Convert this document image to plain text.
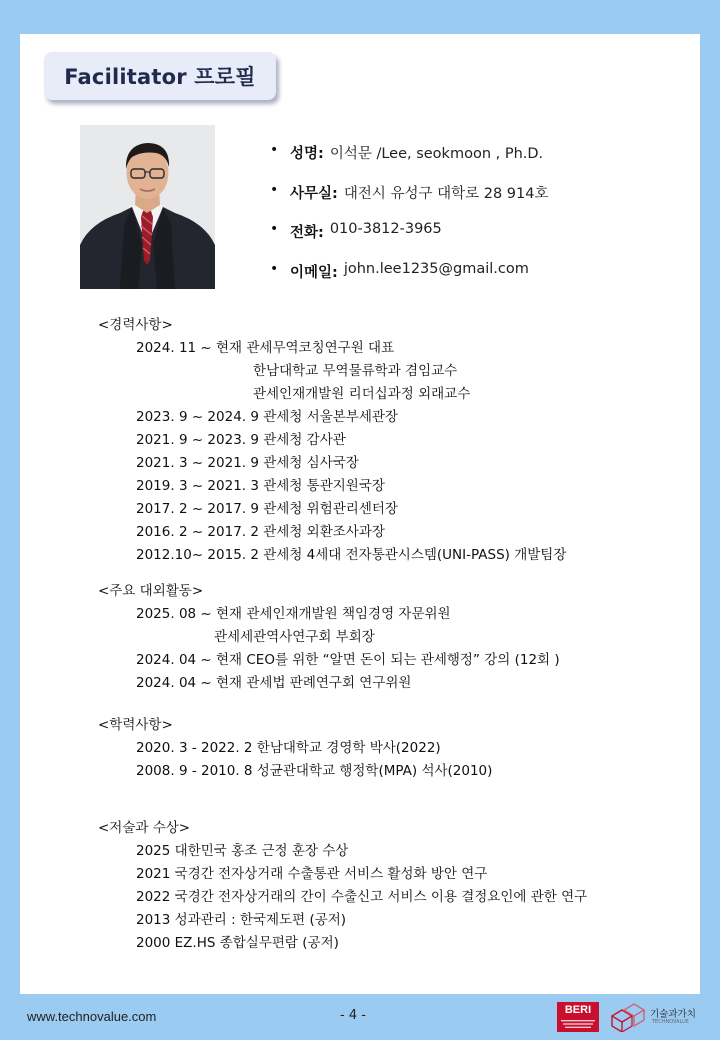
Facilitator 프로필
• 성명: 이석문 /Lee, seokmoon , Ph.D.
• 사무실: 대전시 유성구 대학로 28 914호
• 전화: 010-3812-3965
• 이메일: john.lee1235@gmail.com
<경력사항>
2024. 11 ~ 현재 관세무역코칭연구원 대표
한남대학교 무역물류학과 겸임교수
관세인재개발원 리더십과정 외래교수
2023. 9 ~ 2024. 9 관세청 서울본부세관장
2021. 9 ~ 2023. 9 관세청 감사관
2021. 3 ~ 2021. 9 관세청 심사국장
2019. 3 ~ 2021. 3 관세청 통관지원국장
2017. 2 ~ 2017. 9 관세청 위험관리센터장
2016. 2 ~ 2017. 2 관세청 외환조사과장
2012.10~ 2015. 2 관세청 4세대 전자통관시스템(UNI-PASS) 개발팀장
<주요 대외활동>
2025. 08 ~ 현재 관세인재개발원 책임경영 자문위원
관세세관역사연구회 부회장
2024. 04 ~ 현재 CEO를 위한 “알면 돈이 되는 관세행정” 강의 (12회 )
2024. 04 ~ 현재 관세법 판례연구회 연구위원
<학력사항>
2020. 3 - 2022. 2 한남대학교 경영학 박사(2022)
2008. 9 - 2010. 8 성균관대학교 행정학(MPA) 석사(2010)
<저술과 수상>
2025 대한민국 홍조 근정 훈장 수상
2021 국경간 전자상거래 수출통관 서비스 활성화 방안 연구
2022 국경간 전자상거래의 간이 수출신고 서비스 이용 결정요인에 관한 연구
2013 성과관리 : 한국제도편 (공저)
2000 EZ.HS 종합실무편람 (공저)
www.technovalue.com	- 4 -	BERI	기술과가치
TECHNOVALUE
